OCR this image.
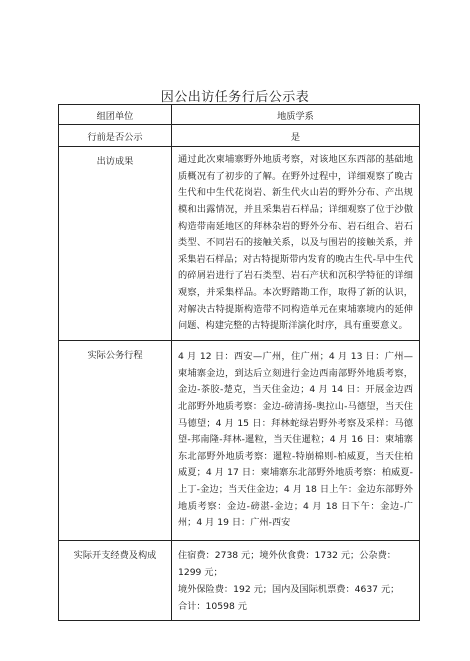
因公出访任务行后公示表
组团单位	地质学系
行前是否公示	是
出访成果	通过此次柬埔寨野外地质考察，对该地区东西部的基础地质概况有了初步的了解。在野外过程中，详细观察了晚古生代和中生代花岗岩、新生代火山岩的野外分布、产出规模和出露情况，并且采集岩石样品；详细观察了位于沙傲构造带南延地区的拜林杂岩的野外分布、岩石组合、岩石类型、不同岩石的接触关系，以及与围岩的接触关系，并采集岩石样品；对古特提斯带内发育的晚古生代-早中生代的碎屑岩进行了岩石类型、岩石产状和沉积学特征的详细观察，并采集样品。本次野踏勘工作，取得了新的认识，对解决古特提斯构造带不同构造单元在柬埔寨境内的延伸问题、构建完整的古特提斯洋演化时序，具有重要意义。

实际公务行程	4 月 12 日：西安—广州，住广州；4 月 13 日：广州—柬埔寨金边，到达后立刻进行金边西南部野外地质考察，金边-茶胶-楚克，当天住金边；4 月 14 日：开展金边西北部野外地质考察：金边-磅清扬-奥拉山-马德望，当天住马德望；4 月 15 日：拜林蛇绿岩野外考察及采样：马德望-邦南隆-拜林-暹粒，当天住暹粒；4 月 16 日：柬埔寨东北部野外地质考察：暹粒-特崩棉则-柏威夏，当天住柏威夏；4 月 17 日：柬埔寨东北部野外地质考察：柏威夏-上丁-金边；当天住金边；4 月 18 日上午：金边东部野外地质考察：金边-磅湛-金边；4 月 18 日下午：金边-广州；4 月 19 日：广州-西安

实际开支经费及构成	住宿费：2738 元；境外伙食费：1732 元；公杂费：1299 元；
境外保险费：192 元；国内及国际机票费：4637 元；
合计：10598 元
